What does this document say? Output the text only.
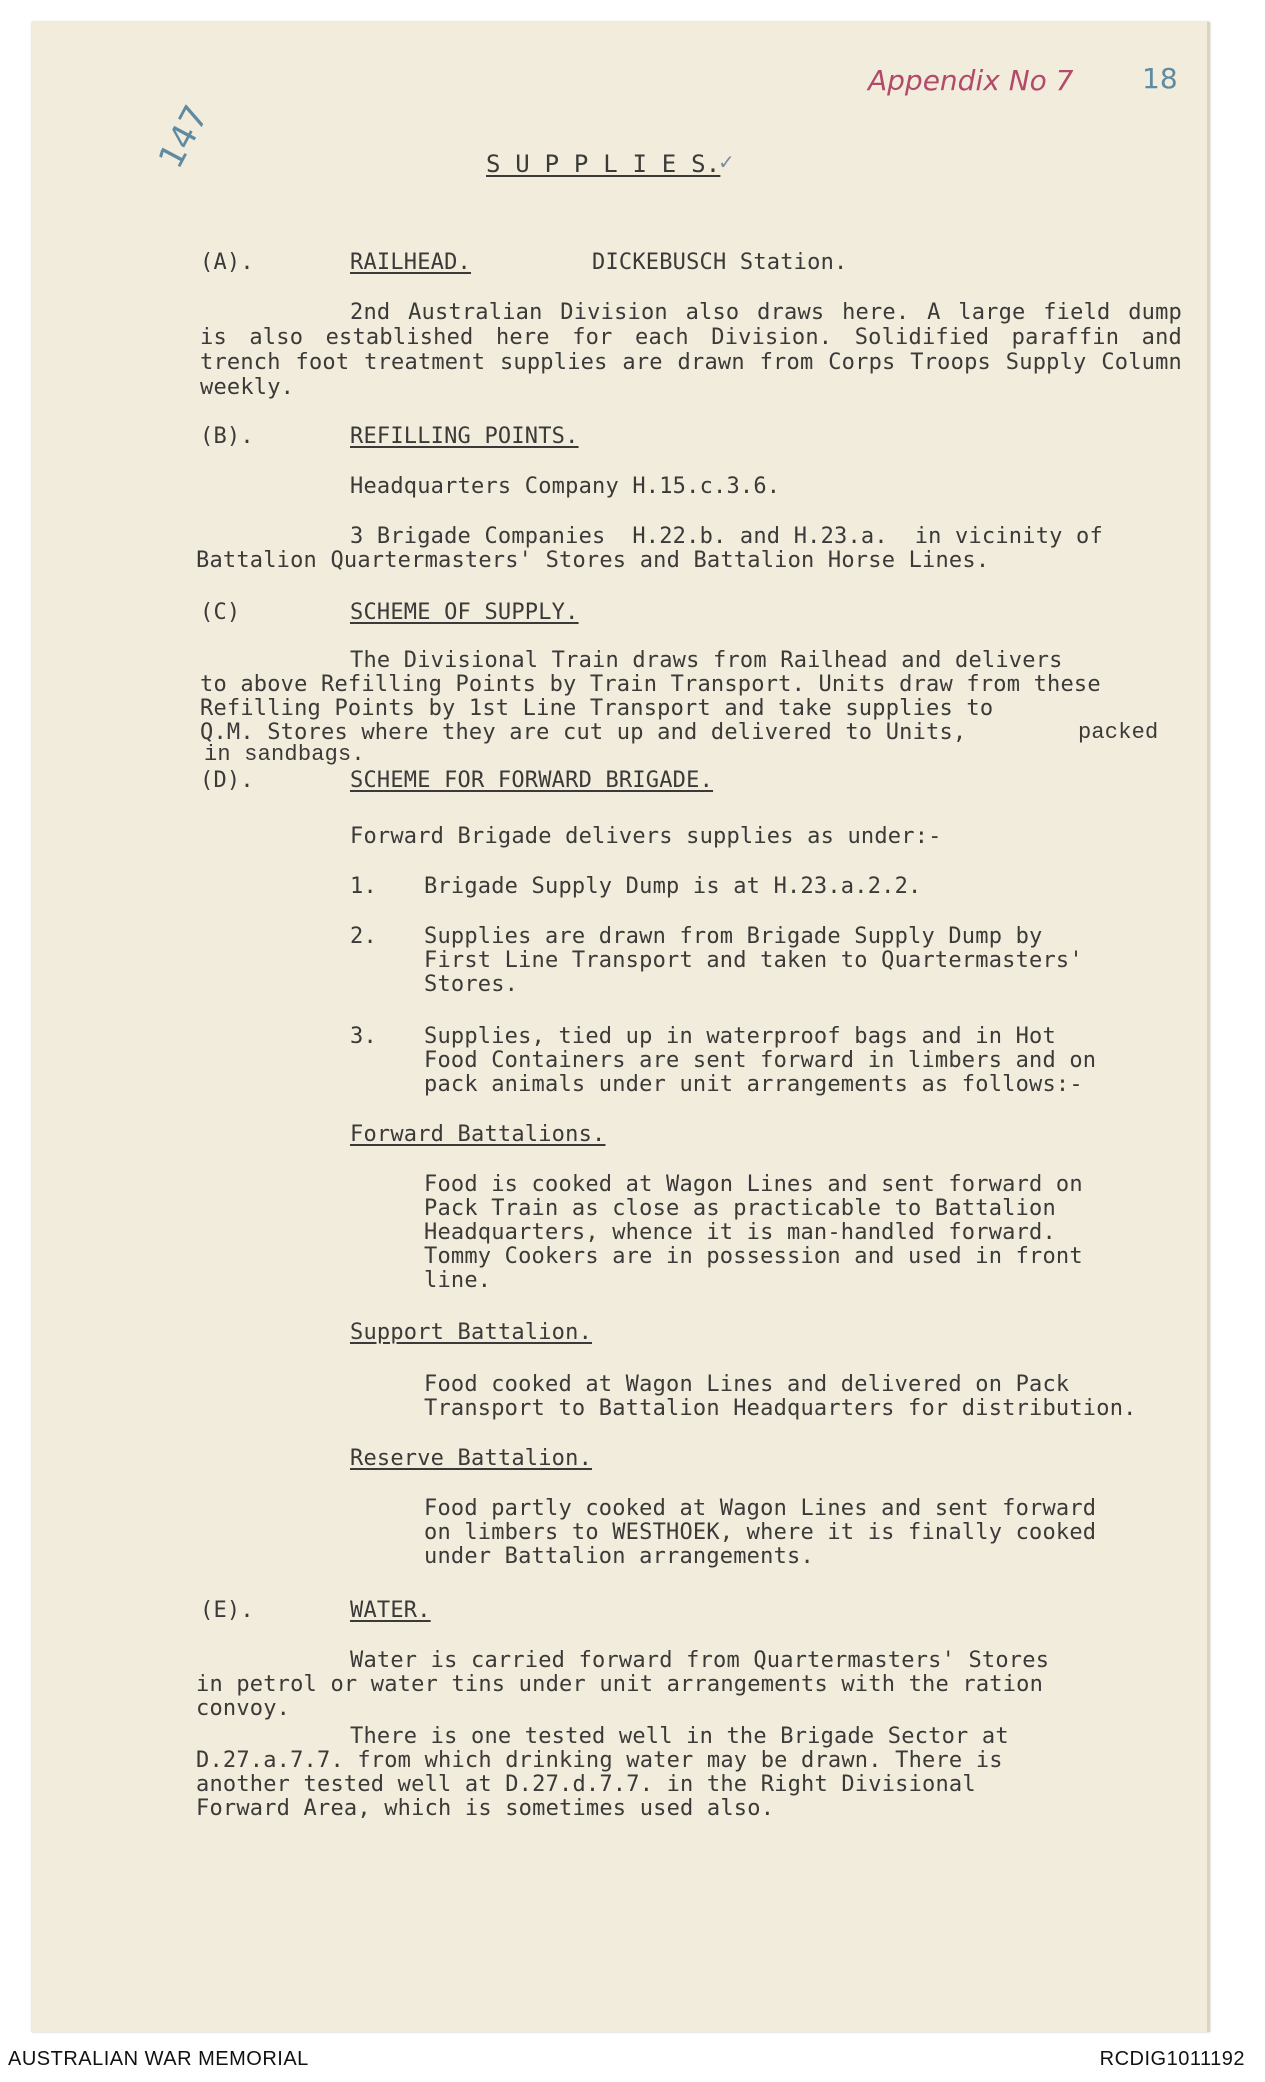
Appendix No 7 18
147	S U P P L I E S.
✓
(A).	RAILHEAD.	DICKEBUSCH Station.

2nd Australian Division also draws here. A large field dump is also established here for each Division. Solidified paraffin and trench foot treatment supplies are drawn from Corps Troops Supply Column weekly.

(B).	REFILLING POINTS.
Headquarters Company H.15.c.3.6.
3 Brigade Companies  H.22.b. and H.23.a.  in vicinity of
Battalion Quartermasters' Stores and Battalion Horse Lines.
(C)	SCHEME OF SUPPLY.
The Divisional Train draws from Railhead and delivers
to above Refilling Points by Train Transport. Units draw from these
Refilling Points by 1st Line Transport and take supplies to
Q.M. Stores where they are cut up and delivered to Units,	packed
in sandbags.
(D).	SCHEME FOR FORWARD BRIGADE.
Forward Brigade delivers supplies as under:-
1. Brigade Supply Dump is at H.23.a.2.2.
2. Supplies are drawn from Brigade Supply Dump by
First Line Transport and taken to Quartermasters'
Stores.
3. Supplies, tied up in waterproof bags and in Hot
Food Containers are sent forward in limbers and on
pack animals under unit arrangements as follows:-
Forward Battalions.
Food is cooked at Wagon Lines and sent forward on
Pack Train as close as practicable to Battalion
Headquarters, whence it is man-handled forward.
Tommy Cookers are in possession and used in front
line.
Support Battalion.
Food cooked at Wagon Lines and delivered on Pack
Transport to Battalion Headquarters for distribution.
Reserve Battalion.
Food partly cooked at Wagon Lines and sent forward
on limbers to WESTHOEK, where it is finally cooked
under Battalion arrangements.
(E).	WATER.
Water is carried forward from Quartermasters' Stores
in petrol or water tins under unit arrangements with the ration
convoy.
There is one tested well in the Brigade Sector at
D.27.a.7.7. from which drinking water may be drawn. There is
another tested well at D.27.d.7.7. in the Right Divisional
Forward Area, which is sometimes used also.
AUSTRALIAN WAR MEMORIAL	RCDIG1011192
